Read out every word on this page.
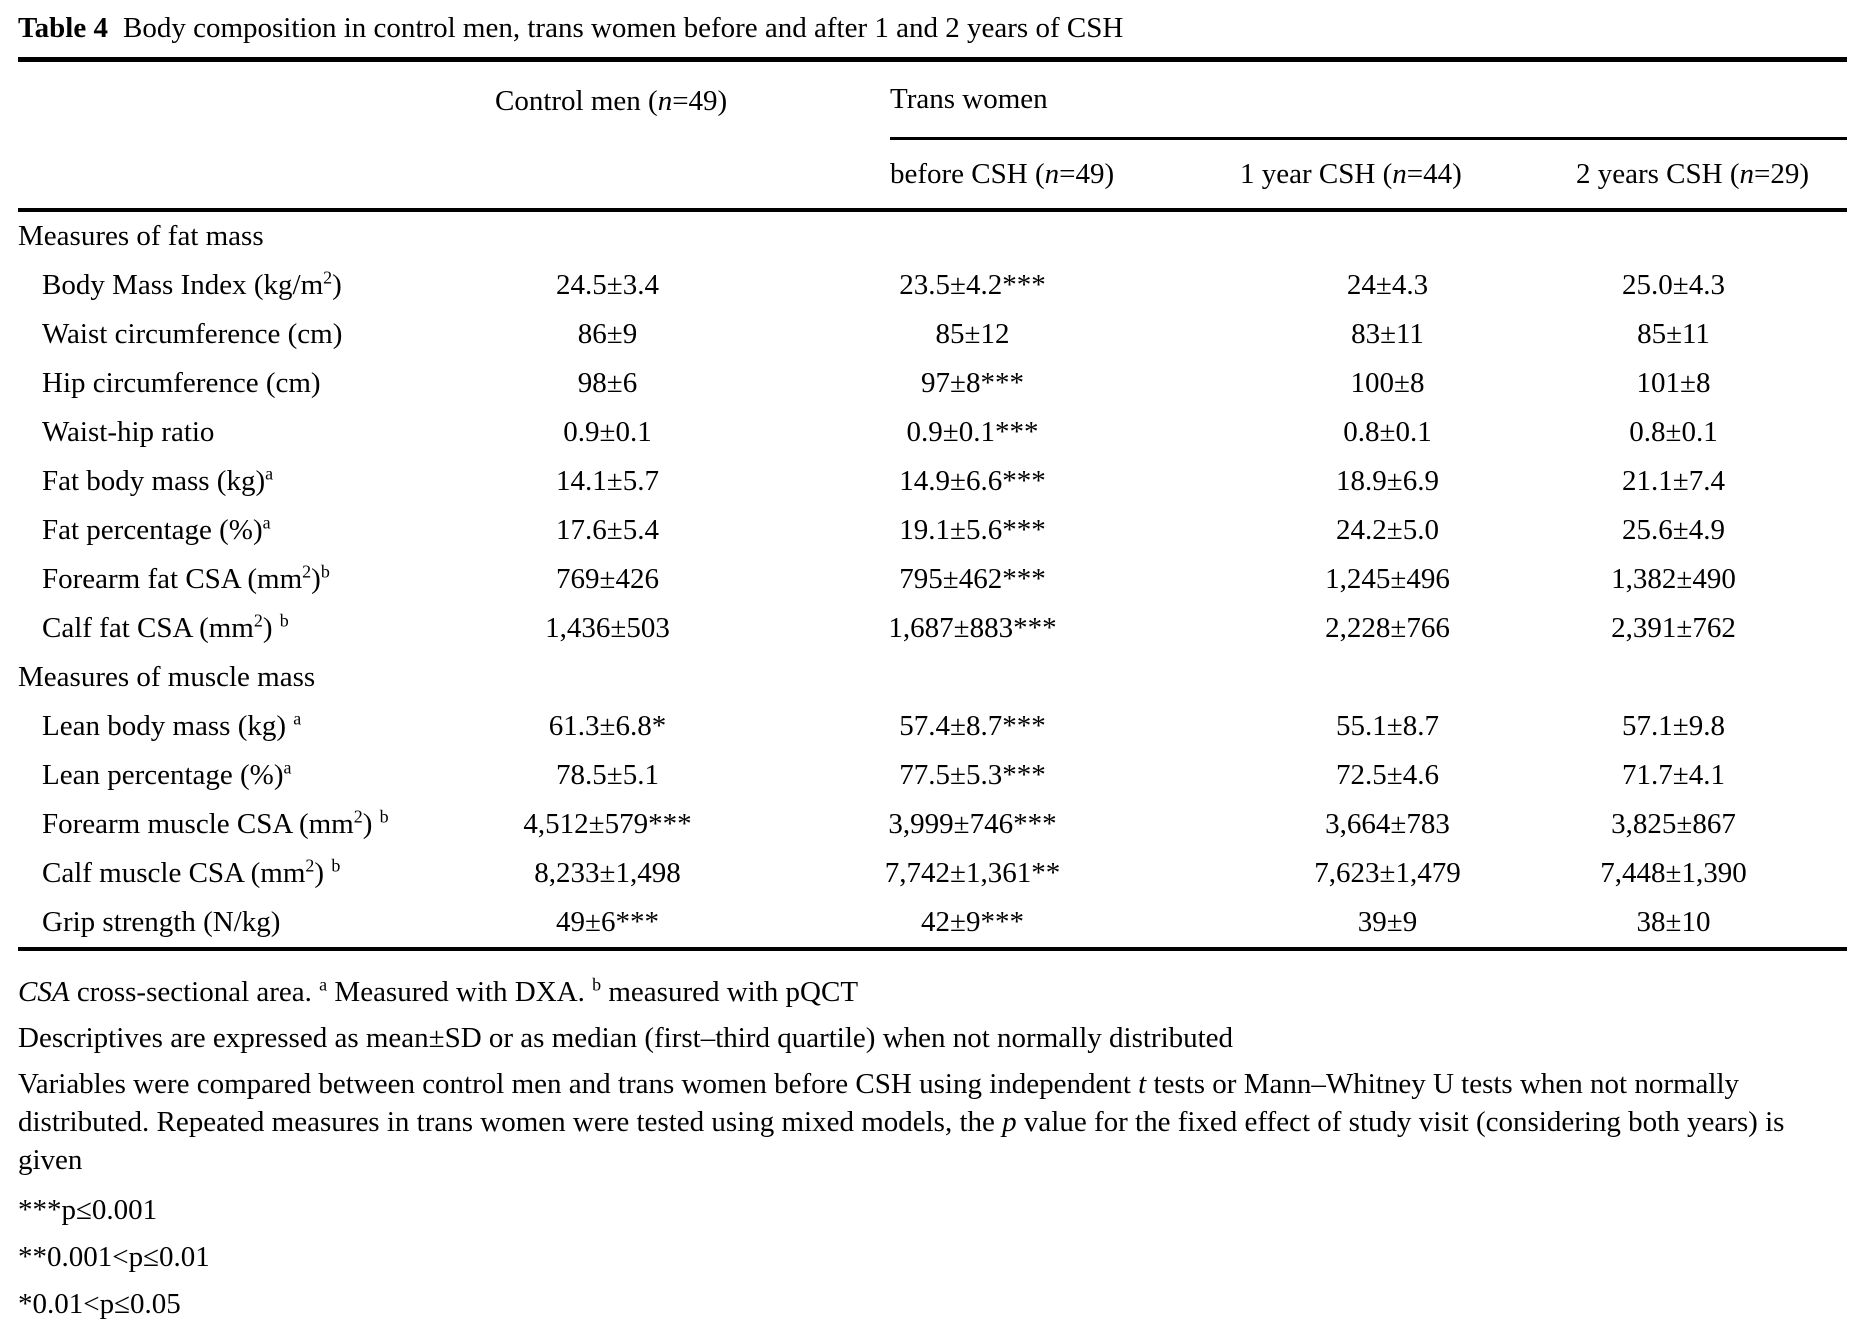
Table 4 Body composition in control men, trans women before and after 1 and 2 years of CSH
	Control men (n=49)	Trans women		

		before CSH (n=49)	1 year CSH (n=44)	2 years CSH (n=29)
Measures of fat mass				
Body Mass Index $(kg/m^2)$	24.5±3.4	23.5±4.2***	24±4.3	25.0±4.3
Waist circumference (cm)	86±9	85±12	83±11	85±11
Hip circumference (cm)	98±6	97±8***	100±8	101±8
Waist-hip ratio	0.9±0.1	0.9±0.1***	0.8±0.1	0.8±0.1
Fat body mass (kg)$^a$	14.1±5.7	14.9±6.6***	18.9±6.9	21.1±7.4
Fat percentage (%)$^a$	17.6±5.4	19.1±5.6***	24.2±5.0	25.6±4.9
Forearm fat CSA $(mm^2)^b$	769±426	795±462***	1,245±496	1,382±490
Calf fat CSA $(mm^2)$ $^b$	1,436±503	1,687±883***	2,228±766	2,391±762
Measures of muscle mass				
Lean body mass (kg) $^a$	61.3±6.8*	57.4±8.7***	55.1±8.7	57.1±9.8
Lean percentage (%)$^a$	78.5±5.1	77.5±5.3***	72.5±4.6	71.7±4.1
Forearm muscle CSA $(mm^2)$ $^b$	4,512±579***	3,999±746***	3,664±783	3,825±867
Calf muscle CSA $(mm^2)$ $^b$	8,233±1,498	7,742±1,361**	7,623±1,479	7,448±1,390
Grip strength (N/kg)	49±6***	42±9***	39±9	38±10

CSA cross-sectional area. $^a$ Measured with DXA. $^b$ measured with pQCT

Descriptives are expressed as mean±SD or as median (first–third quartile) when not normally distributed

Variables were compared between control men and trans women before CSH using independent t tests or Mann–Whitney U tests when not normally distributed. Repeated measures in trans women were tested using mixed models, the p value for the fixed effect of study visit (considering both years) is given

***p≤0.001

**0.001<p≤0.01

*0.01<p≤0.05
